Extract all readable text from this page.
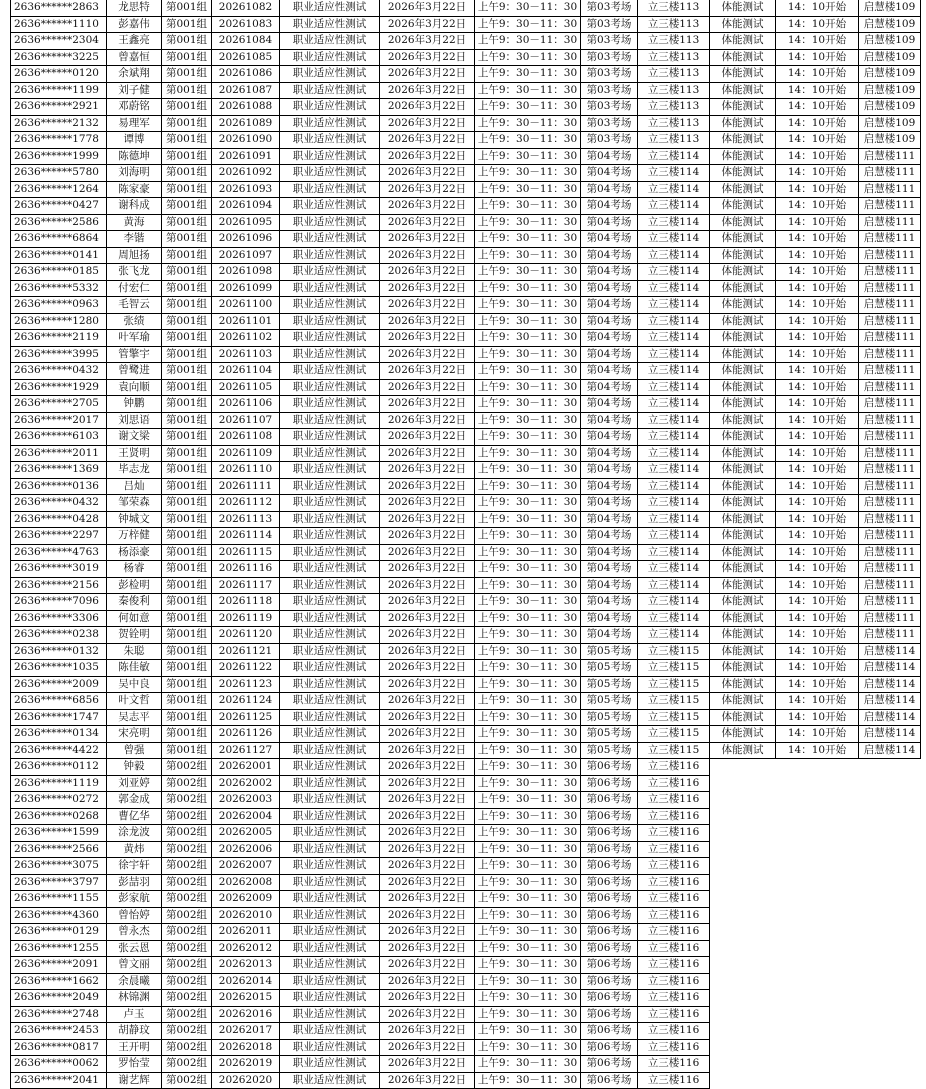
2636******2863	龙思特	第001组	20261082	职业适应性测试	2026年3月22日	上午9：30－11：30	第03考场	立三楼113	体能测试	14：10开始	启慧楼109
2636******1110	彭嘉伟	第001组	20261083	职业适应性测试	2026年3月22日	上午9：30－11：30	第03考场	立三楼113	体能测试	14：10开始	启慧楼109
2636******2304	王鑫亮	第001组	20261084	职业适应性测试	2026年3月22日	上午9：30－11：30	第03考场	立三楼113	体能测试	14：10开始	启慧楼109
2636******3225	曾嘉恒	第001组	20261085	职业适应性测试	2026年3月22日	上午9：30－11：30	第03考场	立三楼113	体能测试	14：10开始	启慧楼109
2636******0120	余斌翔	第001组	20261086	职业适应性测试	2026年3月22日	上午9：30－11：30	第03考场	立三楼113	体能测试	14：10开始	启慧楼109
2636******1199	刘子健	第001组	20261087	职业适应性测试	2026年3月22日	上午9：30－11：30	第03考场	立三楼113	体能测试	14：10开始	启慧楼109
2636******2921	邓蔚铭	第001组	20261088	职业适应性测试	2026年3月22日	上午9：30－11：30	第03考场	立三楼113	体能测试	14：10开始	启慧楼109
2636******2132	易理军	第001组	20261089	职业适应性测试	2026年3月22日	上午9：30－11：30	第03考场	立三楼113	体能测试	14：10开始	启慧楼109
2636******1778	谭博	第001组	20261090	职业适应性测试	2026年3月22日	上午9：30－11：30	第03考场	立三楼113	体能测试	14：10开始	启慧楼109
2636******1999	陈德坤	第001组	20261091	职业适应性测试	2026年3月22日	上午9：30－11：30	第04考场	立三楼114	体能测试	14：10开始	启慧楼111
2636******5780	刘海明	第001组	20261092	职业适应性测试	2026年3月22日	上午9：30－11：30	第04考场	立三楼114	体能测试	14：10开始	启慧楼111
2636******1264	陈家豪	第001组	20261093	职业适应性测试	2026年3月22日	上午9：30－11：30	第04考场	立三楼114	体能测试	14：10开始	启慧楼111
2636******0427	谢科成	第001组	20261094	职业适应性测试	2026年3月22日	上午9：30－11：30	第04考场	立三楼114	体能测试	14：10开始	启慧楼111
2636******2586	黄海	第001组	20261095	职业适应性测试	2026年3月22日	上午9：30－11：30	第04考场	立三楼114	体能测试	14：10开始	启慧楼111
2636******6864	李锴	第001组	20261096	职业适应性测试	2026年3月22日	上午9：30－11：30	第04考场	立三楼114	体能测试	14：10开始	启慧楼111
2636******0141	周旭扬	第001组	20261097	职业适应性测试	2026年3月22日	上午9：30－11：30	第04考场	立三楼114	体能测试	14：10开始	启慧楼111
2636******0185	张飞龙	第001组	20261098	职业适应性测试	2026年3月22日	上午9：30－11：30	第04考场	立三楼114	体能测试	14：10开始	启慧楼111
2636******5332	付宏仁	第001组	20261099	职业适应性测试	2026年3月22日	上午9：30－11：30	第04考场	立三楼114	体能测试	14：10开始	启慧楼111
2636******0963	毛智云	第001组	20261100	职业适应性测试	2026年3月22日	上午9：30－11：30	第04考场	立三楼114	体能测试	14：10开始	启慧楼111
2636******1280	张绩	第001组	20261101	职业适应性测试	2026年3月22日	上午9：30－11：30	第04考场	立三楼114	体能测试	14：10开始	启慧楼111
2636******2119	叶军瑜	第001组	20261102	职业适应性测试	2026年3月22日	上午9：30－11：30	第04考场	立三楼114	体能测试	14：10开始	启慧楼111
2636******3995	管擎宇	第001组	20261103	职业适应性测试	2026年3月22日	上午9：30－11：30	第04考场	立三楼114	体能测试	14：10开始	启慧楼111
2636******0432	曾鹭进	第001组	20261104	职业适应性测试	2026年3月22日	上午9：30－11：30	第04考场	立三楼114	体能测试	14：10开始	启慧楼111
2636******1929	袁向顺	第001组	20261105	职业适应性测试	2026年3月22日	上午9：30－11：30	第04考场	立三楼114	体能测试	14：10开始	启慧楼111
2636******2705	钟鹏	第001组	20261106	职业适应性测试	2026年3月22日	上午9：30－11：30	第04考场	立三楼114	体能测试	14：10开始	启慧楼111
2636******2017	刘思语	第001组	20261107	职业适应性测试	2026年3月22日	上午9：30－11：30	第04考场	立三楼114	体能测试	14：10开始	启慧楼111
2636******6103	谢文梁	第001组	20261108	职业适应性测试	2026年3月22日	上午9：30－11：30	第04考场	立三楼114	体能测试	14：10开始	启慧楼111
2636******2011	王贤明	第001组	20261109	职业适应性测试	2026年3月22日	上午9：30－11：30	第04考场	立三楼114	体能测试	14：10开始	启慧楼111
2636******1369	毕志龙	第001组	20261110	职业适应性测试	2026年3月22日	上午9：30－11：30	第04考场	立三楼114	体能测试	14：10开始	启慧楼111
2636******0136	吕灿	第001组	20261111	职业适应性测试	2026年3月22日	上午9：30－11：30	第04考场	立三楼114	体能测试	14：10开始	启慧楼111
2636******0432	邹荣森	第001组	20261112	职业适应性测试	2026年3月22日	上午9：30－11：30	第04考场	立三楼114	体能测试	14：10开始	启慧楼111
2636******0428	钟城文	第001组	20261113	职业适应性测试	2026年3月22日	上午9：30－11：30	第04考场	立三楼114	体能测试	14：10开始	启慧楼111
2636******2297	万梓健	第001组	20261114	职业适应性测试	2026年3月22日	上午9：30－11：30	第04考场	立三楼114	体能测试	14：10开始	启慧楼111
2636******4763	杨添豪	第001组	20261115	职业适应性测试	2026年3月22日	上午9：30－11：30	第04考场	立三楼114	体能测试	14：10开始	启慧楼111
2636******3019	杨睿	第001组	20261116	职业适应性测试	2026年3月22日	上午9：30－11：30	第04考场	立三楼114	体能测试	14：10开始	启慧楼111
2636******2156	彭检明	第001组	20261117	职业适应性测试	2026年3月22日	上午9：30－11：30	第04考场	立三楼114	体能测试	14：10开始	启慧楼111
2636******7096	秦俊利	第001组	20261118	职业适应性测试	2026年3月22日	上午9：30－11：30	第04考场	立三楼114	体能测试	14：10开始	启慧楼111
2636******3306	何如意	第001组	20261119	职业适应性测试	2026年3月22日	上午9：30－11：30	第04考场	立三楼114	体能测试	14：10开始	启慧楼111
2636******0238	贺铨明	第001组	20261120	职业适应性测试	2026年3月22日	上午9：30－11：30	第04考场	立三楼114	体能测试	14：10开始	启慧楼111
2636******0132	朱聪	第001组	20261121	职业适应性测试	2026年3月22日	上午9：30－11：30	第05考场	立三楼115	体能测试	14：10开始	启慧楼114
2636******1035	陈佳敏	第001组	20261122	职业适应性测试	2026年3月22日	上午9：30－11：30	第05考场	立三楼115	体能测试	14：10开始	启慧楼114
2636******2009	吴中良	第001组	20261123	职业适应性测试	2026年3月22日	上午9：30－11：30	第05考场	立三楼115	体能测试	14：10开始	启慧楼114
2636******6856	叶文哲	第001组	20261124	职业适应性测试	2026年3月22日	上午9：30－11：30	第05考场	立三楼115	体能测试	14：10开始	启慧楼114
2636******1747	吴志平	第001组	20261125	职业适应性测试	2026年3月22日	上午9：30－11：30	第05考场	立三楼115	体能测试	14：10开始	启慧楼114
2636******0134	宋亮明	第001组	20261126	职业适应性测试	2026年3月22日	上午9：30－11：30	第05考场	立三楼115	体能测试	14：10开始	启慧楼114
2636******4422	曾强	第001组	20261127	职业适应性测试	2026年3月22日	上午9：30－11：30	第05考场	立三楼115	体能测试	14：10开始	启慧楼114
2636******0112	钟毅	第002组	20262001	职业适应性测试	2026年3月22日	上午9：30－11：30	第06考场	立三楼116			
2636******1119	刘亚婷	第002组	20262002	职业适应性测试	2026年3月22日	上午9：30－11：30	第06考场	立三楼116			
2636******0272	郭金成	第002组	20262003	职业适应性测试	2026年3月22日	上午9：30－11：30	第06考场	立三楼116			
2636******0268	曹亿华	第002组	20262004	职业适应性测试	2026年3月22日	上午9：30－11：30	第06考场	立三楼116			
2636******1599	涂龙波	第002组	20262005	职业适应性测试	2026年3月22日	上午9：30－11：30	第06考场	立三楼116			
2636******2566	黄炜	第002组	20262006	职业适应性测试	2026年3月22日	上午9：30－11：30	第06考场	立三楼116			
2636******3075	徐宇轩	第002组	20262007	职业适应性测试	2026年3月22日	上午9：30－11：30	第06考场	立三楼116			
2636******3797	彭喆羽	第002组	20262008	职业适应性测试	2026年3月22日	上午9：30－11：30	第06考场	立三楼116			
2636******1155	彭家航	第002组	20262009	职业适应性测试	2026年3月22日	上午9：30－11：30	第06考场	立三楼116			
2636******4360	曾怡婷	第002组	20262010	职业适应性测试	2026年3月22日	上午9：30－11：30	第06考场	立三楼116			
2636******0129	曾永杰	第002组	20262011	职业适应性测试	2026年3月22日	上午9：30－11：30	第06考场	立三楼116			
2636******1255	张云恩	第002组	20262012	职业适应性测试	2026年3月22日	上午9：30－11：30	第06考场	立三楼116			
2636******2091	曾文丽	第002组	20262013	职业适应性测试	2026年3月22日	上午9：30－11：30	第06考场	立三楼116			
2636******1662	余晨曦	第002组	20262014	职业适应性测试	2026年3月22日	上午9：30－11：30	第06考场	立三楼116			
2636******2049	林锦渊	第002组	20262015	职业适应性测试	2026年3月22日	上午9：30－11：30	第06考场	立三楼116			
2636******2748	卢玉	第002组	20262016	职业适应性测试	2026年3月22日	上午9：30－11：30	第06考场	立三楼116			
2636******2453	胡静玟	第002组	20262017	职业适应性测试	2026年3月22日	上午9：30－11：30	第06考场	立三楼116			
2636******0817	王开明	第002组	20262018	职业适应性测试	2026年3月22日	上午9：30－11：30	第06考场	立三楼116			
2636******0062	罗怡莹	第002组	20262019	职业适应性测试	2026年3月22日	上午9：30－11：30	第06考场	立三楼116			
2636******2041	谢艺辉	第002组	20262020	职业适应性测试	2026年3月22日	上午9：30－11：30	第06考场	立三楼116			
